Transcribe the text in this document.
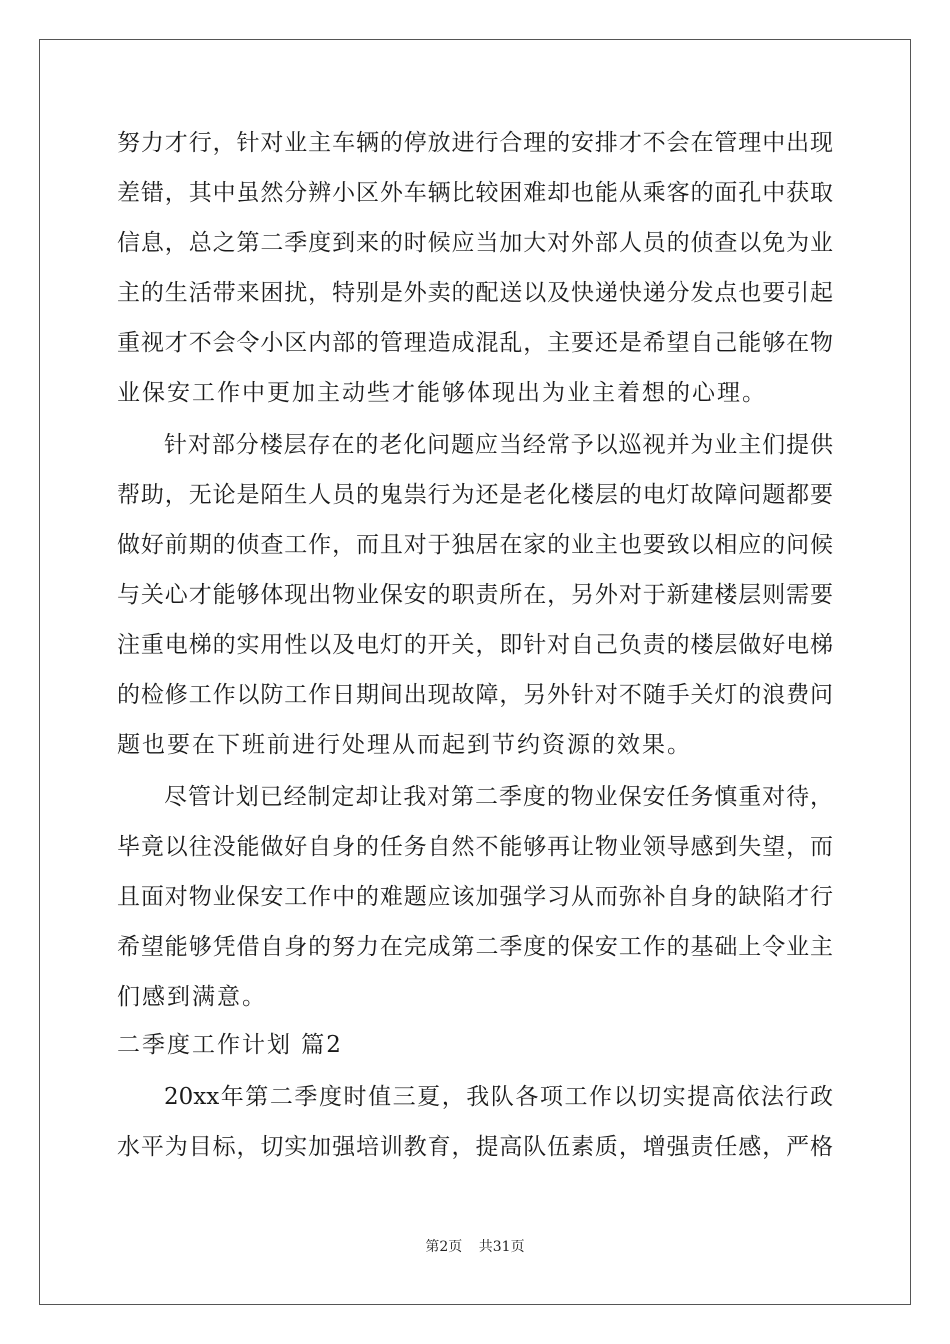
努力才行，针对业主车辆的停放进行合理的安排才不会在管理中出现
差错，其中虽然分辨小区外车辆比较困难却也能从乘客的面孔中获取
信息，总之第二季度到来的时候应当加大对外部人员的侦查以免为业
主的生活带来困扰，特别是外卖的配送以及快递快递分发点也要引起
重视才不会令小区内部的管理造成混乱，主要还是希望自己能够在物
业保安工作中更加主动些才能够体现出为业主着想的心理。
针对部分楼层存在的老化问题应当经常予以巡视并为业主们提供
帮助，无论是陌生人员的鬼祟行为还是老化楼层的电灯故障问题都要
做好前期的侦查工作，而且对于独居在家的业主也要致以相应的问候
与关心才能够体现出物业保安的职责所在，另外对于新建楼层则需要
注重电梯的实用性以及电灯的开关，即针对自己负责的楼层做好电梯
的检修工作以防工作日期间出现故障，另外针对不随手关灯的浪费问
题也要在下班前进行处理从而起到节约资源的效果。
尽管计划已经制定却让我对第二季度的物业保安任务慎重对待，
毕竟以往没能做好自身的任务自然不能够再让物业领导感到失望，而
且面对物业保安工作中的难题应该加强学习从而弥补自身的缺陷才行
希望能够凭借自身的努力在完成第二季度的保安工作的基础上令业主
们感到满意。
二季度工作计划 篇2
20xx年第二季度时值三夏，我队各项工作以切实提高依法行政
水平为目标，切实加强培训教育，提高队伍素质，增强责任感，严格
第2页 共31页
